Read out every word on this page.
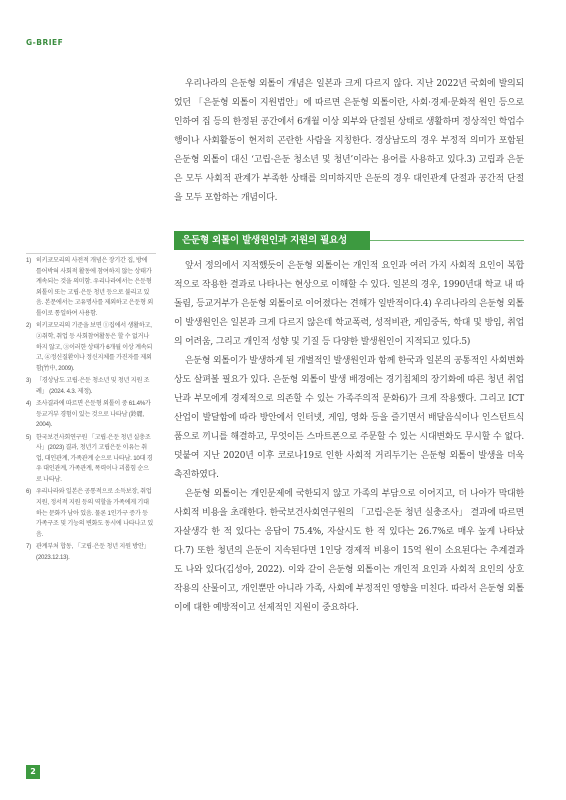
G-BRIEF

우리나라의 은둔형 외톨이 개념은 일본과 크게 다르지 않다. 지난 2022년 국회에 발의되었던 「은둔형 외톨이 지원법안」에 따르면 은둔형 외톨이란, 사회·경제·문화적 원인 등으로 인하여 집 등의 한정된 공간에서 6개월 이상 외부와 단절된 상태로 생활하며 정상적인 학업수행이나 사회활동이 현저히 곤란한 사람을 지칭한다. 경상남도의 경우 부정적 의미가 포함된 은둔형 외톨이 대신 ‘고립·은둔 청소년 및 청년’이라는 용어를 사용하고 있다.3) 고립과 은둔은 모두 사회적 관계가 부족한 상태를 의미하지만 은둔의 경우 대인관계 단절과 공간적 단절을 모두 포함하는 개념이다.

은둔형 외톨이 발생원인과 지원의 필요성

앞서 정의에서 지적했듯이 은둔형 외톨이는 개인적 요인과 여러 가지 사회적 요인이 복합적으로 작용한 결과로 나타나는 현상으로 이해할 수 있다. 일본의 경우, 1990년대 학교 내 따돌림, 등교거부가 은둔형 외톨이로 이어졌다는 견해가 일반적이다.4) 우리나라의 은둔형 외톨이 발생원인은 일본과 크게 다르지 않은데 학교폭력, 성적비관, 게임중독, 학대 및 방임, 취업의 어려움, 그리고 개인적 성향 및 기질 등 다양한 발생원인이 지적되고 있다.5)

은둔형 외톨이가 발생하게 된 개별적인 발생원인과 함께 한국과 일본의 공통적인 사회변화상도 살펴볼 필요가 있다. 은둔형 외톨이 발생 배경에는 경기침체의 장기화에 따른 청년 취업난과 부모에게 경제적으로 의존할 수 있는 가족주의적 문화6)가 크게 작용했다. 그리고 ICT산업이 발달함에 따라 방안에서 인터넷, 게임, 영화 등을 즐기면서 배달음식이나 인스턴트식품으로 끼니를 해결하고, 무엇이든 스마트폰으로 주문할 수 있는 시대변화도 무시할 수 없다. 덧붙여 지난 2020년 이후 코로나19로 인한 사회적 거리두기는 은둔형 외톨이 발생을 더욱 촉진하였다.

은둔형 외톨이는 개인문제에 국한되지 않고 가족의 부담으로 이어지고, 더 나아가 막대한 사회적 비용을 초래한다. 한국보건사회연구원의 「고립·은둔 청년 실충조사」 결과에 따르면 자살생각 한 적 있다는 응답이 75.4%, 자살시도 한 적 있다는 26.7%로 매우 높게 나타났다.7) 또한 청년의 은둔이 지속된다면 1인당 경제적 비용이 15억 원이 소요된다는 추계결과도 나와 있다(김성아, 2022). 이와 같이 은둔형 외톨이는 개인적 요인과 사회적 요인의 상호작용의 산물이고, 개인뿐만 아니라 가족, 사회에 부정적인 영향을 미친다. 따라서 은둔형 외톨이에 대한 예방적이고 선제적인 지원이 중요하다.

1) 히키코모리의 사전적 개념은 장기간 집, 방에 틀어박혀 사회적 활동에 참여하지 않는 상태가 계속되는 것을 의미함. 우리나라에서는 은둔형 외톨이 또는 고립·은둔 청년 등으로 불리고 있음. 본문에서는 고유명사를 제외하고 은둔형 외톨이로 통일하여 사용함.
2) 히키코모리의 기준을 보면 ①집에서 생활하고, ②취학, 취업 등 사회참여활동은 할 수 없거나 하지 않고, ③이러한 상태가 6개월 이상 계속되고, ④정신질환이나 정신지체를 가진자를 제외함(竹中, 2009).
3) 「경상남도 고립·은둔 청소년 및 청년 지원 조례」 (2024. 4.3. 제정).
4) 조사결과에 따르면 은둔형 외톨이 중 61.4%가 등교거부 경험이 있는 것으로 나타남 (鈴麗, 2004).
5) 한국보건사회연구원 「고립·은둔 청년 실충조사」(2023) 결과, 청년기 고립은둔 이유는 취업, 대인관계, 가족관계 순으로 나타남. 10대 경우 대인관계, 가족관계, 폭력이나 괴롭힘 순으로 나타남.
6) 우리나라와 일본은 공통적으로 소득보장, 취업지원, 정서적 지원 등의 역할을 가족에게 기대하는 문화가 남아 있음. 물론 1인가구 증가 등 가족구조 및 기능의 변화도 동시에 나타나고 있음.
7) 관계부처 합동, 「고립·은둔 청년 지원 방안」 (2023.12.13).
2
